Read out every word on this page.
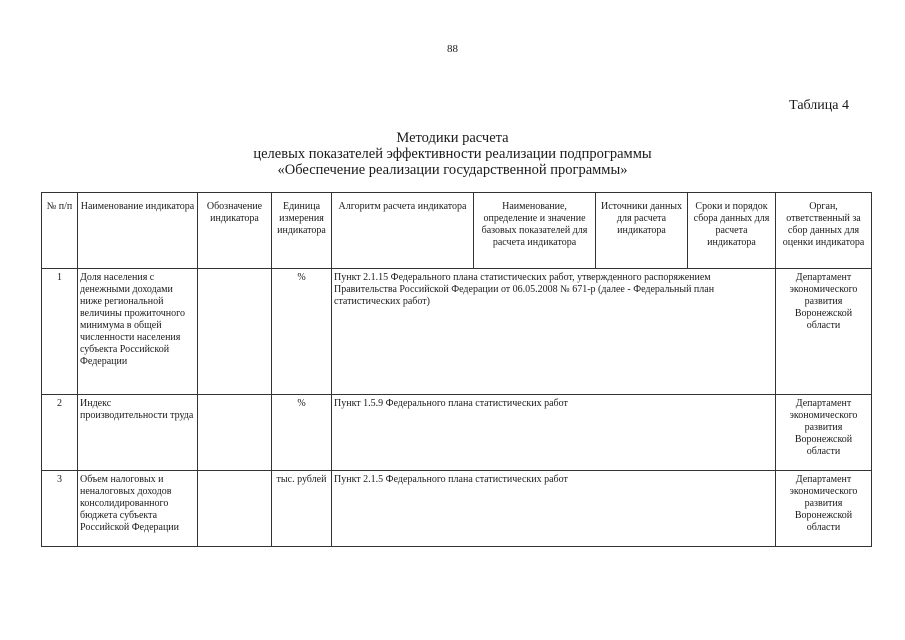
88
Таблица 4
Методики расчета
целевых показателей эффективности реализации подпрограммы
«Обеспечение реализации государственной программы»
№ п/п	Наименование индикатора	Обозначение индикатора	Единица измерения индикатора	Алгоритм расчета индикатора	Наименование, определение и значение базовых показателей для расчета индикатора	Источники данных для расчета индикатора	Сроки и порядок сбора данных для расчета индикатора	Орган, ответственный за сбор данных для оценки индикатора
1	Доля населения с денежными доходами ниже региональной величины прожиточного минимума в общей численности населения субъекта Российской Федерации		%	Пункт 2.1.15 Федерального плана статистических работ, утвержденного распоряжением Правительства Российской Федерации от 06.05.2008 № 671-р (далее - Федеральный план статистических работ)				Департамент экономического развития Воронежской области
2	Индекс производительности труда		%	Пункт 1.5.9 Федерального плана статистических работ				Департамент экономического развития Воронежской области
3	Объем налоговых и неналоговых доходов консолидированного бюджета субъекта Российской Федерации		тыс. рублей	Пункт 2.1.5 Федерального плана статистических работ				Департамент экономического развития Воронежской области
